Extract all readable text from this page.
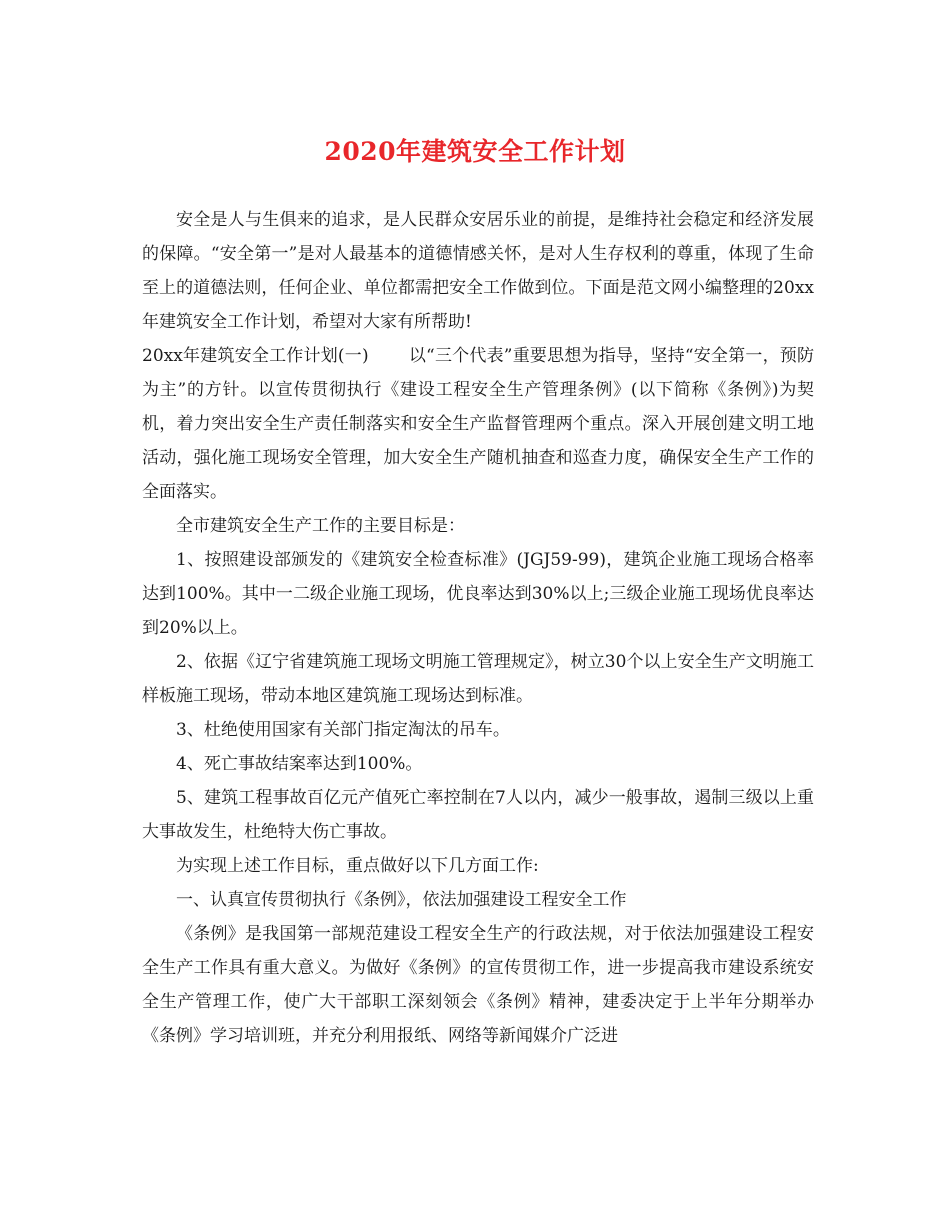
2020年建筑安全工作计划

安全是人与生俱来的追求，是人民群众安居乐业的前提，是维持社会稳定和经济发展的保障。“安全第一”是对人最基本的道德情感关怀，是对人生存权利的尊重，体现了生命至上的道德法则，任何企业、单位都需把安全工作做到位。下面是范文网小编整理的20xx年建筑安全工作计划，希望对大家有所帮助!

20xx年建筑安全工作计划(一) 以“三个代表”重要思想为指导，坚持“安全第一，预防为主”的方针。以宣传贯彻执行《建设工程安全生产管理条例》(以下简称《条例》)为契机，着力突出安全生产责任制落实和安全生产监督管理两个重点。深入开展创建文明工地活动，强化施工现场安全管理，加大安全生产随机抽查和巡查力度，确保安全生产工作的全面落实。

全市建筑安全生产工作的主要目标是：

1、按照建设部颁发的《建筑安全检查标准》(JGJ59-99)，建筑企业施工现场合格率达到100%。其中一二级企业施工现场，优良率达到30%以上;三级企业施工现场优良率达到20%以上。

2、依据《辽宁省建筑施工现场文明施工管理规定》，树立30个以上安全生产文明施工样板施工现场，带动本地区建筑施工现场达到标准。

3、杜绝使用国家有关部门指定淘汰的吊车。

4、死亡事故结案率达到100%。

5、建筑工程事故百亿元产值死亡率控制在7人以内，减少一般事故，遏制三级以上重大事故发生，杜绝特大伤亡事故。

为实现上述工作目标，重点做好以下几方面工作:

一、认真宣传贯彻执行《条例》，依法加强建设工程安全工作

《条例》是我国第一部规范建设工程安全生产的行政法规，对于依法加强建设工程安全生产工作具有重大意义。为做好《条例》的宣传贯彻工作，进一步提高我市建设系统安全生产管理工作，使广大干部职工深刻领会《条例》精神，建委决定于上半年分期举办《条例》学习培训班，并充分利用报纸、网络等新闻媒介广泛进
